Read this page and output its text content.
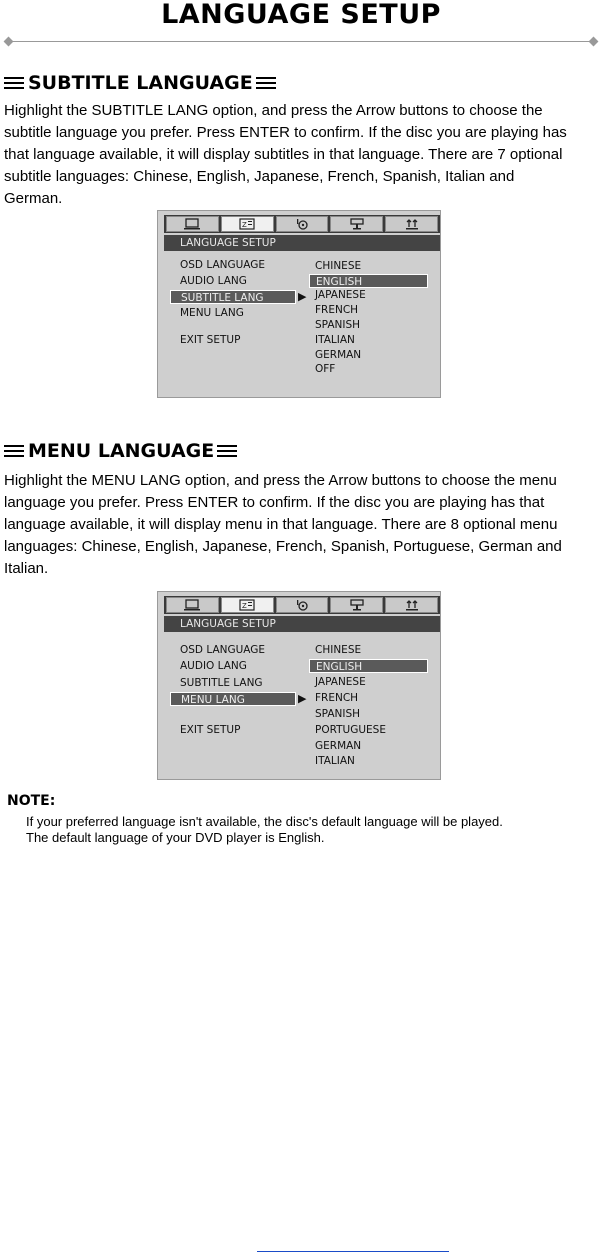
LANGUAGE SETUP
SUBTITLE LANGUAGE
Highlight the SUBTITLE LANG option, and press the Arrow buttons to choose the
subtitle language you prefer. Press ENTER to confirm. If the disc you are playing has
that language available, it will display subtitles in that language. There are 7 optional
subtitle languages: Chinese, English, Japanese, French, Spanish, Italian and
German.
Z
LANGUAGE SETUP
OSD LANGUAGE
AUDIO LANG
SUBTITLE LANG	▶
MENU LANG
EXIT SETUP
CHINESE
ENGLISH
JAPANESE
FRENCH
SPANISH
ITALIAN
GERMAN
OFF
MENU LANGUAGE
Highlight the MENU LANG option, and press the Arrow buttons to choose the menu
language you prefer. Press ENTER to confirm. If the disc you are playing has that
language available, it will display menu in that language. There are 8 optional menu
languages: Chinese, English, Japanese, French, Spanish, Portuguese, German and
Italian.
Z
LANGUAGE SETUP
OSD LANGUAGE
AUDIO LANG
SUBTITLE LANG
MENU LANG	▶
EXIT SETUP
CHINESE
ENGLISH
JAPANESE
FRENCH
SPANISH
PORTUGUESE
GERMAN
ITALIAN
NOTE:
If your preferred language isn't available, the disc's default language will be played.
The default language of your DVD player is English.
